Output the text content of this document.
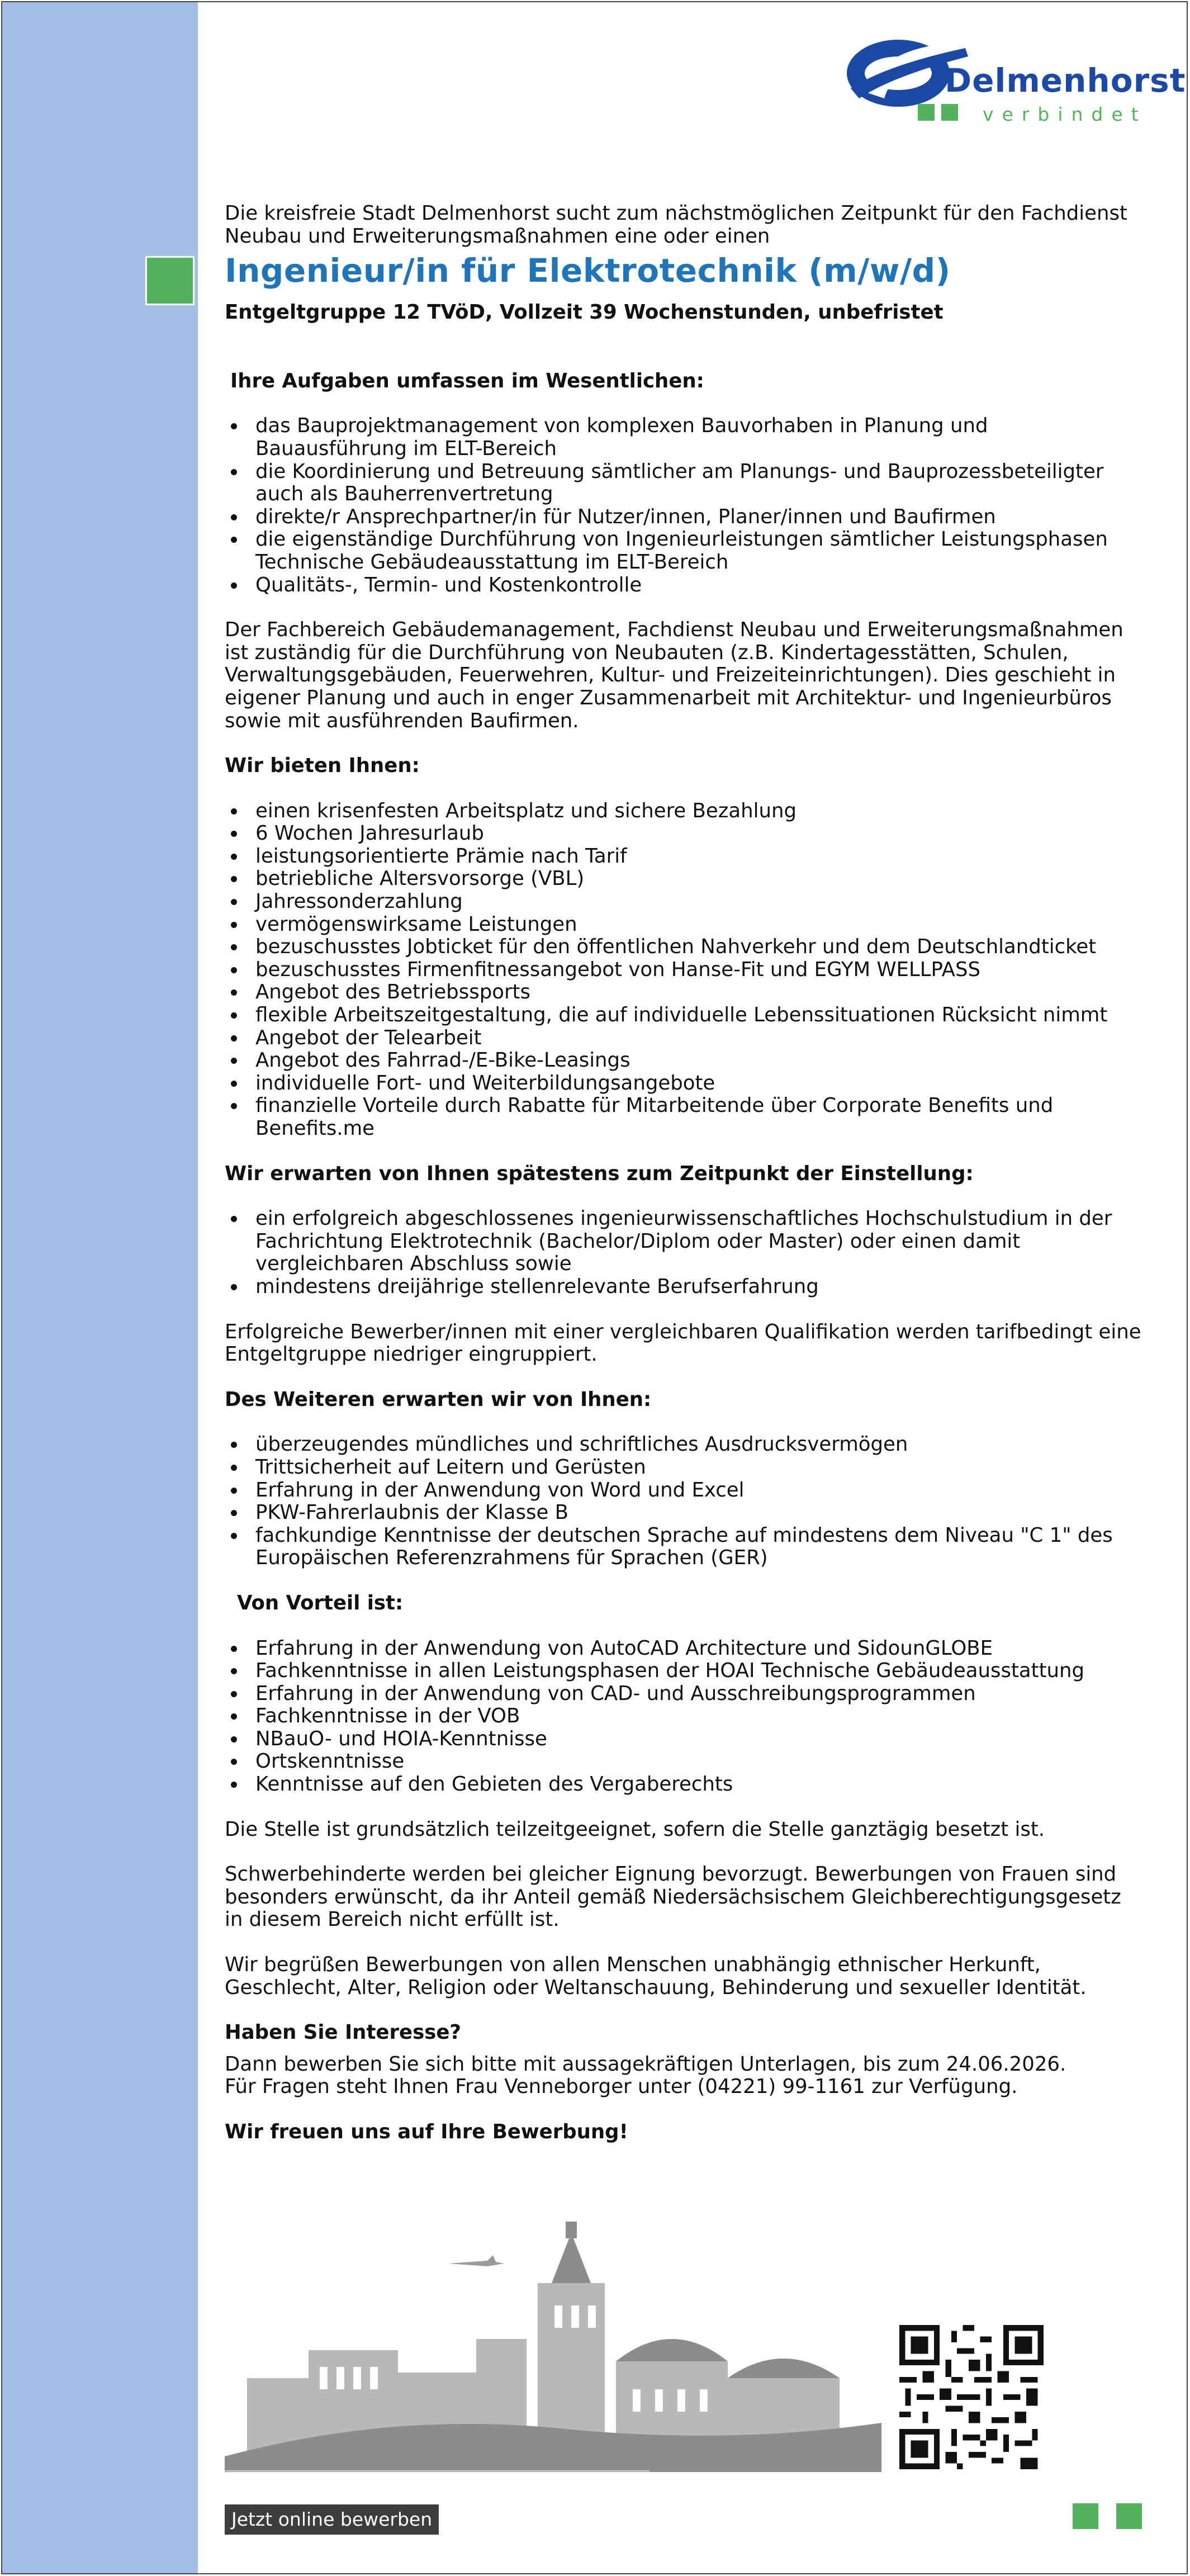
Delmenhorst
verbindet

Die kreisfreie Stadt Delmenhorst sucht zum nächstmöglichen Zeitpunkt für den Fachdienst Neubau und Erweiterungsmaßnahmen eine oder einen

Ingenieur/in für Elektrotechnik (m/w/d)

Entgeltgruppe 12 TVöD, Vollzeit 39 Wochenstunden, unbefristet

Ihre Aufgaben umfassen im Wesentlichen:

das Bauprojektmanagement von komplexen Bauvorhaben in Planung und Bauausführung im ELT-Bereich
die Koordinierung und Betreuung sämtlicher am Planungs- und Bauprozessbeteiligter auch als Bauherrenvertretung
direkte/r Ansprechpartner/in für Nutzer/innen, Planer/innen und Baufirmen
die eigenständige Durchführung von Ingenieurleistungen sämtlicher Leistungsphasen Technische Gebäudeausstattung im ELT-Bereich
Qualitäts-, Termin- und Kostenkontrolle

Der Fachbereich Gebäudemanagement, Fachdienst Neubau und Erweiterungsmaßnahmen ist zuständig für die Durchführung von Neubauten (z.B. Kindertagesstätten, Schulen, Verwaltungsgebäuden, Feuerwehren, Kultur- und Freizeiteinrichtungen). Dies geschieht in eigener Planung und auch in enger Zusammenarbeit mit Architektur- und Ingenieurbüros sowie mit ausführenden Baufirmen.

Wir bieten Ihnen:

einen krisenfesten Arbeitsplatz und sichere Bezahlung
6 Wochen Jahresurlaub
leistungsorientierte Prämie nach Tarif
betriebliche Altersvorsorge (VBL)
Jahressonderzahlung
vermögenswirksame Leistungen
bezuschusstes Jobticket für den öffentlichen Nahverkehr und dem Deutschlandticket
bezuschusstes Firmenfitnessangebot von Hanse-Fit und EGYM WELLPASS
Angebot des Betriebssports
flexible Arbeitszeitgestaltung, die auf individuelle Lebenssituationen Rücksicht nimmt
Angebot der Telearbeit
Angebot des Fahrrad-/E-Bike-Leasings
individuelle Fort- und Weiterbildungsangebote
finanzielle Vorteile durch Rabatte für Mitarbeitende über Corporate Benefits und Benefits.me

Wir erwarten von Ihnen spätestens zum Zeitpunkt der Einstellung:

ein erfolgreich abgeschlossenes ingenieurwissenschaftliches Hochschulstudium in der Fachrichtung Elektrotechnik (Bachelor/Diplom oder Master) oder einen damit vergleichbaren Abschluss sowie
mindestens dreijährige stellenrelevante Berufserfahrung

Erfolgreiche Bewerber/innen mit einer vergleichbaren Qualifikation werden tarifbedingt eine Entgeltgruppe niedriger eingruppiert.

Des Weiteren erwarten wir von Ihnen:

überzeugendes mündliches und schriftliches Ausdrucksvermögen
Trittsicherheit auf Leitern und Gerüsten
Erfahrung in der Anwendung von Word und Excel
PKW-Fahrerlaubnis der Klasse B
fachkundige Kenntnisse der deutschen Sprache auf mindestens dem Niveau "C 1" des Europäischen Referenzrahmens für Sprachen (GER)

Von Vorteil ist:

Erfahrung in der Anwendung von AutoCAD Architecture und SidounGLOBE
Fachkenntnisse in allen Leistungsphasen der HOAI Technische Gebäudeausstattung
Erfahrung in der Anwendung von CAD- und Ausschreibungsprogrammen
Fachkenntnisse in der VOB
NBauO- und HOIA-Kenntnisse
Ortskenntnisse
Kenntnisse auf den Gebieten des Vergaberechts

Die Stelle ist grundsätzlich teilzeitgeeignet, sofern die Stelle ganztägig besetzt ist.

Schwerbehinderte werden bei gleicher Eignung bevorzugt. Bewerbungen von Frauen sind besonders erwünscht, da ihr Anteil gemäß Niedersächsischem Gleichberechtigungsgesetz in diesem Bereich nicht erfüllt ist.

Wir begrüßen Bewerbungen von allen Menschen unabhängig ethnischer Herkunft, Geschlecht, Alter, Religion oder Weltanschauung, Behinderung und sexueller Identität.

Haben Sie Interesse?

Dann bewerben Sie sich bitte mit aussagekräftigen Unterlagen, bis zum 24.06.2026.

Für Fragen steht Ihnen Frau Venneborger unter (04221) 99-1161 zur Verfügung.

Wir freuen uns auf Ihre Bewerbung!

Jetzt online bewerben
